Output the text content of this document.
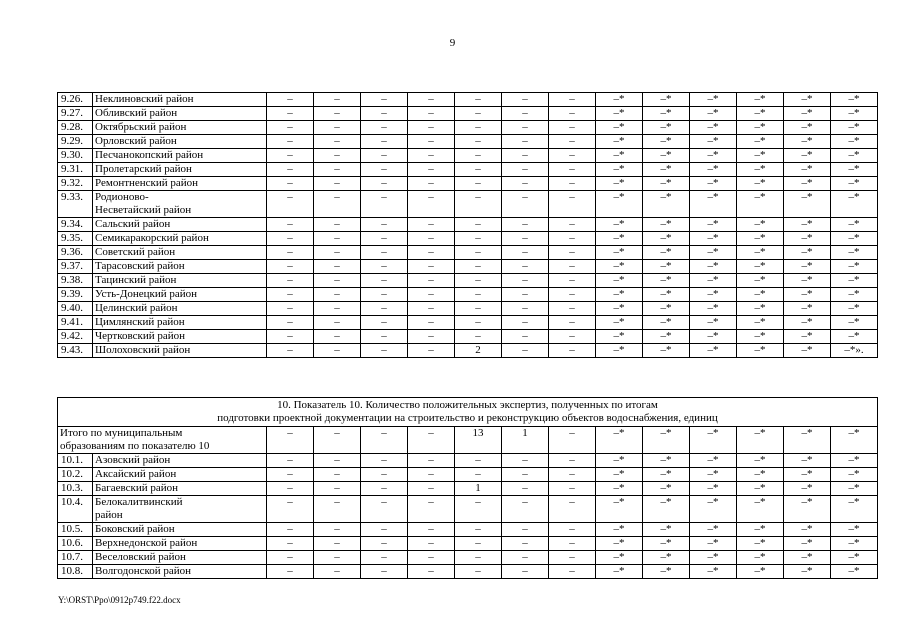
9
9.26.	Неклиновский район	–	–	–	–	–	–	–	–*	–*	–*	–*	–*	–*
9.27.	Обливский район	–	–	–	–	–	–	–	–*	–*	–*	–*	–*	–*
9.28.	Октябрьский район	–	–	–	–	–	–	–	–*	–*	–*	–*	–*	–*
9.29.	Орловский район	–	–	–	–	–	–	–	–*	–*	–*	–*	–*	–*
9.30.	Песчанокопский район	–	–	–	–	–	–	–	–*	–*	–*	–*	–*	–*
9.31.	Пролетарский район	–	–	–	–	–	–	–	–*	–*	–*	–*	–*	–*
9.32.	Ремонтненский район	–	–	–	–	–	–	–	–*	–*	–*	–*	–*	–*
9.33.	Родионово-
Несветайский район	–	–	–	–	–	–	–	–*	–*	–*	–*	–*	–*
9.34.	Сальский район	–	–	–	–	–	–	–	–*	–*	–*	–*	–*	–*
9.35.	Семикаракорский район	–	–	–	–	–	–	–	–*	–*	–*	–*	–*	–*
9.36.	Советский район	–	–	–	–	–	–	–	–*	–*	–*	–*	–*	–*
9.37.	Тарасовский район	–	–	–	–	–	–	–	–*	–*	–*	–*	–*	–*
9.38.	Тацинский район	–	–	–	–	–	–	–	–*	–*	–*	–*	–*	–*
9.39.	Усть-Донецкий район	–	–	–	–	–	–	–	–*	–*	–*	–*	–*	–*
9.40.	Целинский район	–	–	–	–	–	–	–	–*	–*	–*	–*	–*	–*
9.41.	Цимлянский район	–	–	–	–	–	–	–	–*	–*	–*	–*	–*	–*
9.42.	Чертковский район	–	–	–	–	–	–	–	–*	–*	–*	–*	–*	–*
9.43.	Шолоховский район	–	–	–	–	2	–	–	–*	–*	–*	–*	–*	–*».
10. Показатель 10. Количество положительных экспертиз, полученных по итогам
подготовки проектной документации на строительство и реконструкцию объектов водоснабжения, единиц														

Итого по муниципальным
образованиям по показателю 10		–	–	–	–	13	1	–	–*	–*	–*	–*	–*	–*
10.1.	Азовский район	–	–	–	–	–	–	–	–*	–*	–*	–*	–*	–*
10.2.	Аксайский район	–	–	–	–	–	–	–	–*	–*	–*	–*	–*	–*
10.3.	Багаевский район	–	–	–	–	1	–	–	–*	–*	–*	–*	–*	–*
10.4.	Белокалитвинский
район	–	–	–	–	–	–	–	–*	–*	–*	–*	–*	–*
10.5.	Боковский район	–	–	–	–	–	–	–	–*	–*	–*	–*	–*	–*
10.6.	Верхнедонской район	–	–	–	–	–	–	–	–*	–*	–*	–*	–*	–*
10.7.	Веселовский район	–	–	–	–	–	–	–	–*	–*	–*	–*	–*	–*
10.8.	Волгодонской район	–	–	–	–	–	–	–	–*	–*	–*	–*	–*	–*
Y:\ORST\Ppo\0912p749.f22.docx
